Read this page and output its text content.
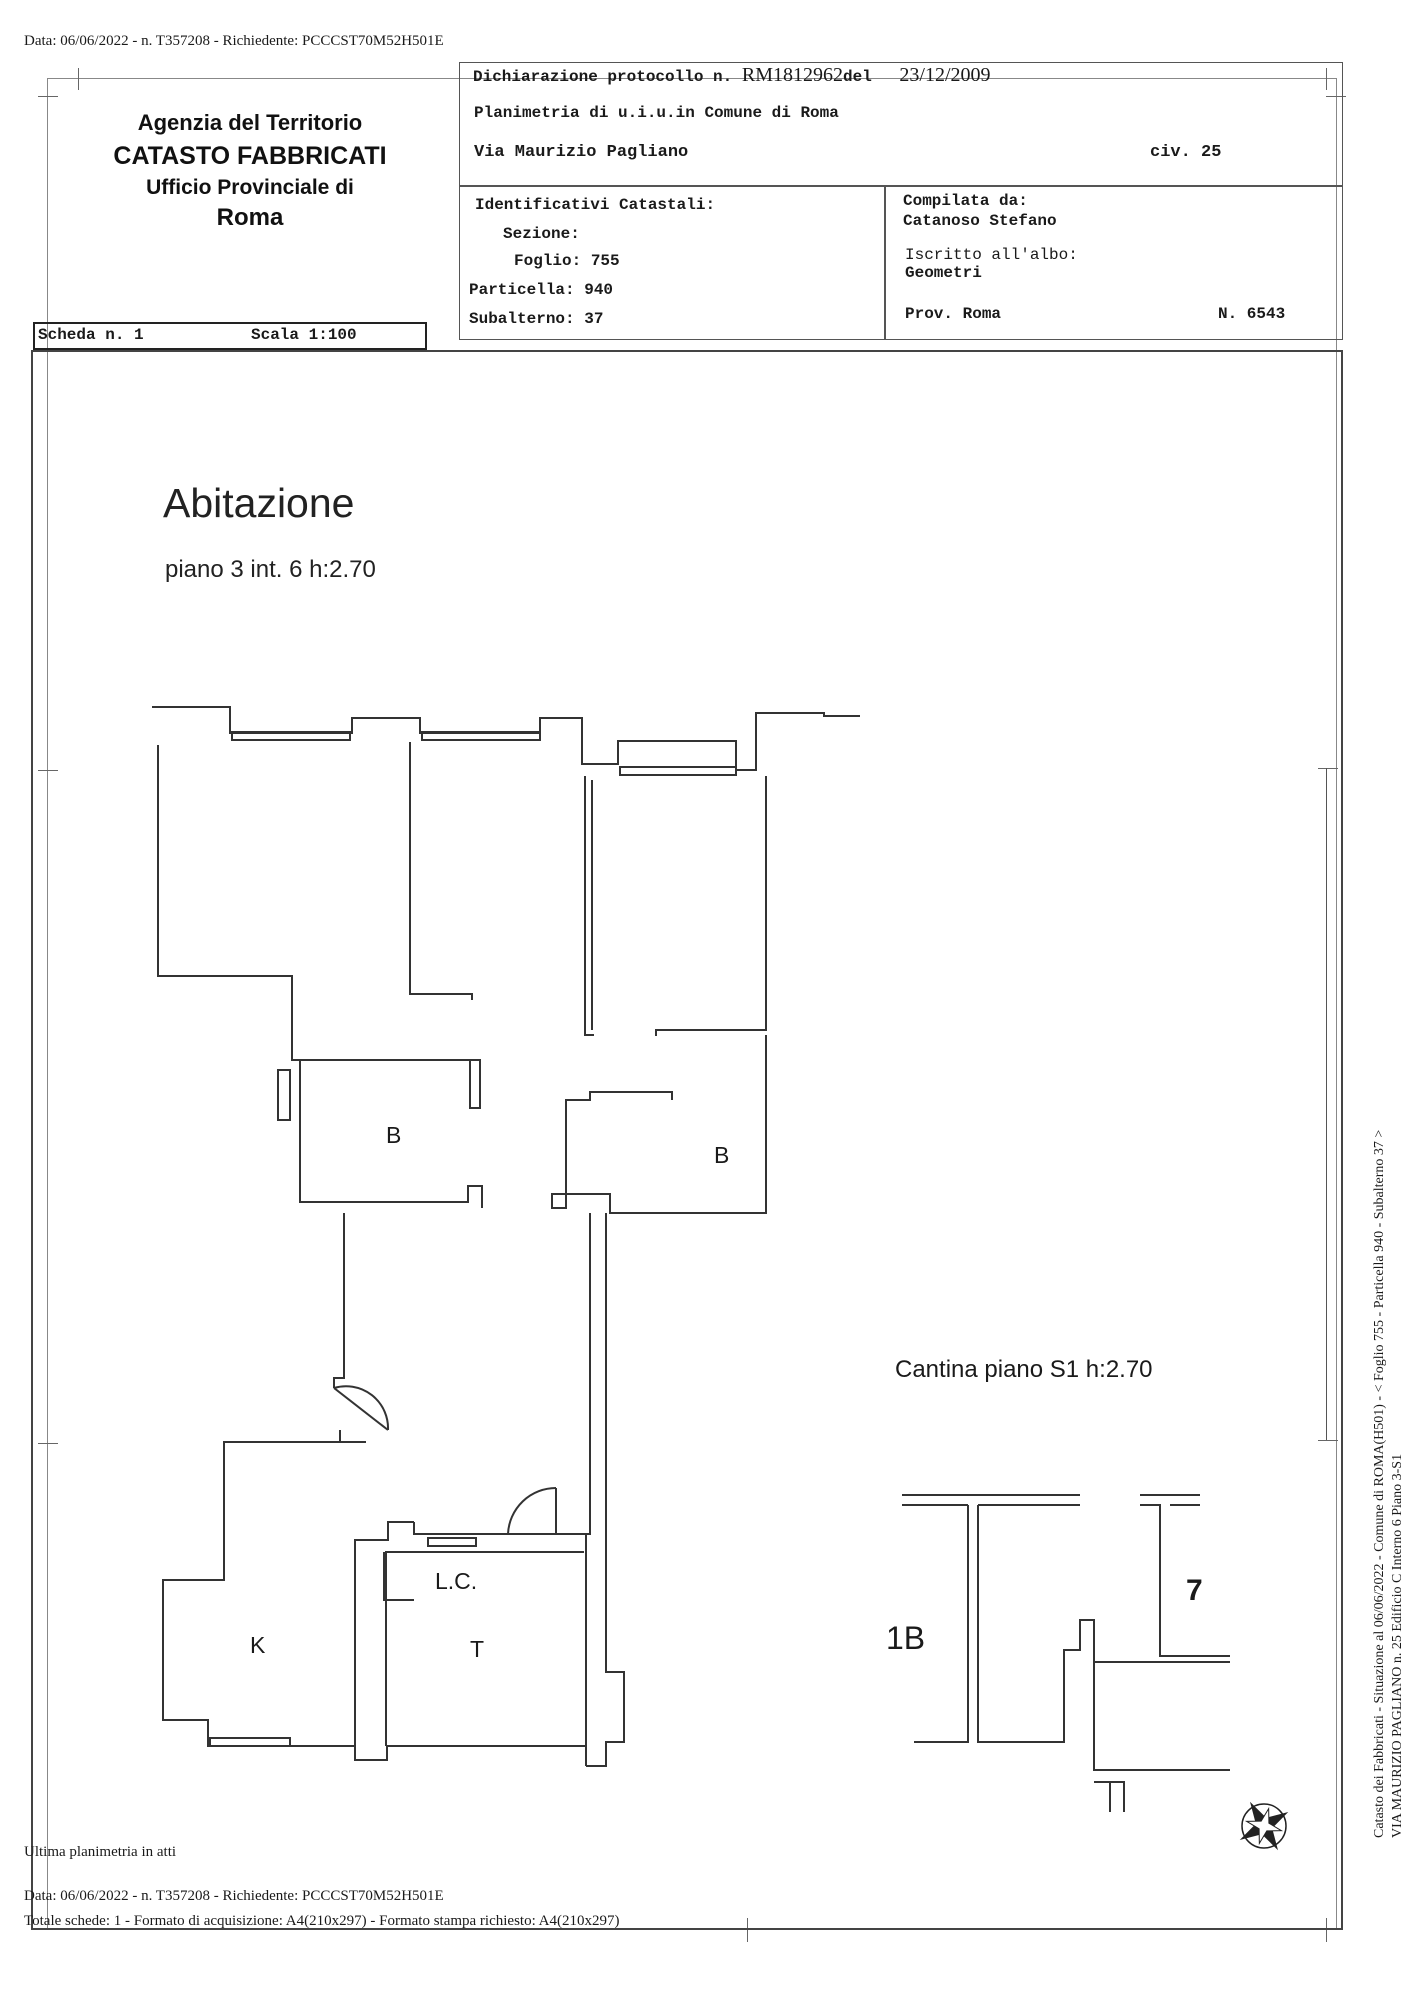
Data: 06/06/2022 - n. T357208 - Richiedente: PCCCST70M52H501E
Agenzia del Territorio
CATASTO FABBRICATI
Ufficio Provinciale di
Roma
Dichiarazione protocollo n. RM1812962del 23/12/2009
Planimetria di u.i.u.in Comune di Roma
Via Maurizio Pagliano	civ. 25
Identificativi Catastali:
Sezione:
Foglio: 755
Particella: 940
Subalterno: 37
Compilata da:
Catanoso Stefano
Iscritto all'albo:
Geometri
Prov. Roma	N. 6543
Scheda n. 1	Scala 1:100
Abitazione
piano 3 int. 6 h:2.70
B
B
L.C.
K	T
Cantina piano S1 h:2.70
1B
7	Catasto dei Fabbricati - Situazione al 06/06/2022 - Comune di ROMA(H501) - < Foglio 755 - Particella 940 - Subalterno 37 > VIA MAURIZIO PAGLIANO n. 25 Edificio C Interno 6 Piano 3-S1
Ultima planimetria in atti
Data: 06/06/2022 - n. T357208 - Richiedente: PCCCST70M52H501E
Totale schede: 1 - Formato di acquisizione: A4(210x297) - Formato stampa richiesto: A4(210x297)
